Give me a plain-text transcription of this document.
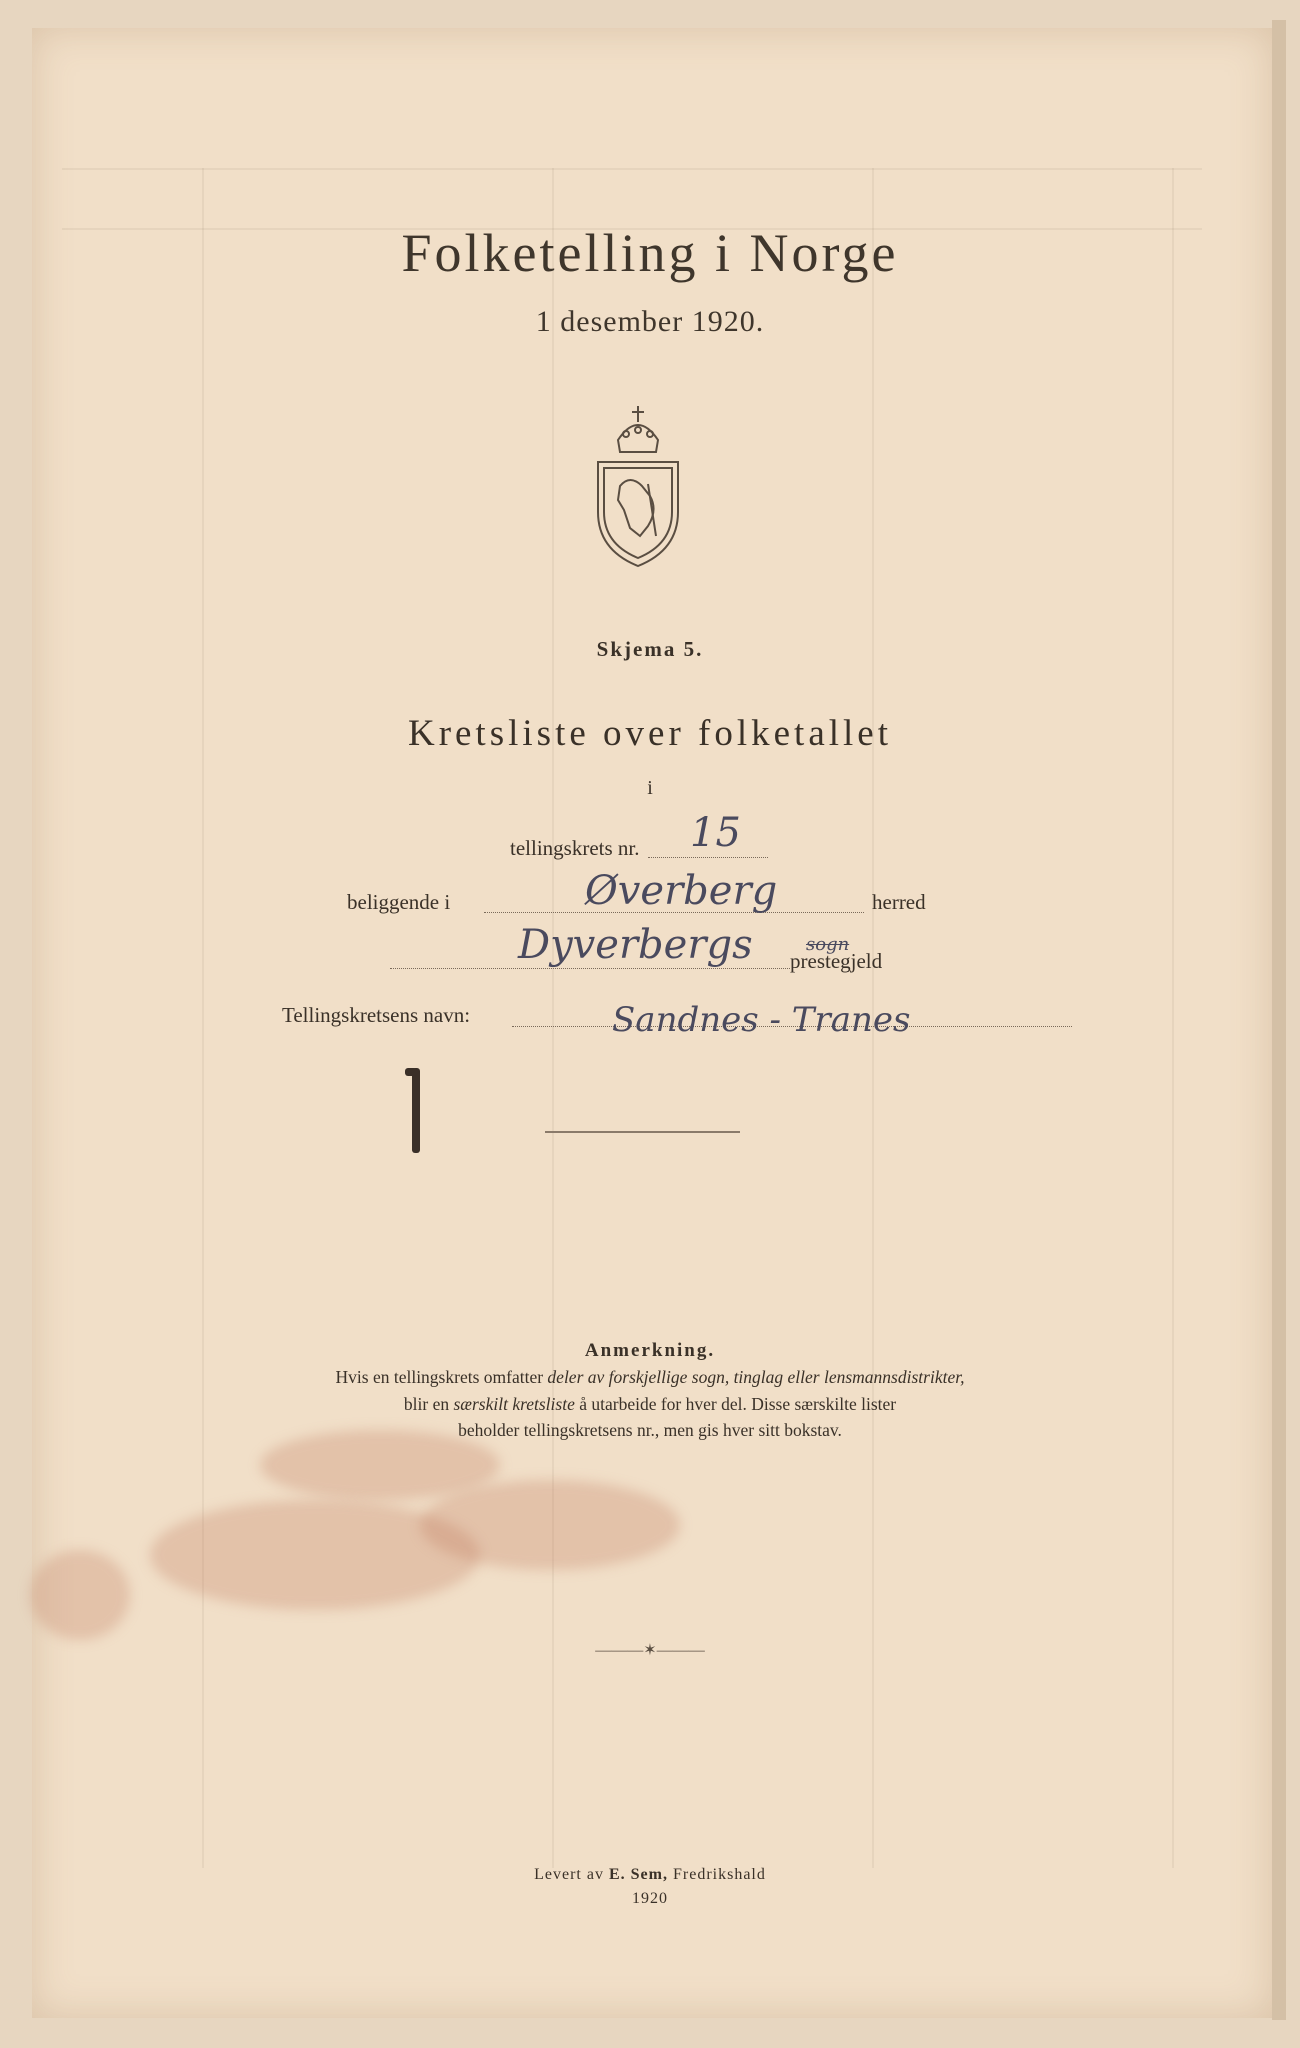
Folketelling i Norge
1 desember 1920.
Skjema 5.
Kretsliste over folketallet
i
tellingskrets nr. 15
beliggende i	Øverberg	herred
Dyverbergs	sogn
prestegjeld
Tellingskretsens navn:	Sandnes - Tranes
Anmerkning.
Hvis en tellingskrets omfatter deler av forskjellige sogn, tinglag eller lensmannsdistrikter,
blir en særskilt kretsliste å utarbeide for hver del. Disse særskilte lister
beholder tellingskretsens nr., men gis hver sitt bokstav.
———✶———
Levert av E. Sem, Fredrikshald
1920
